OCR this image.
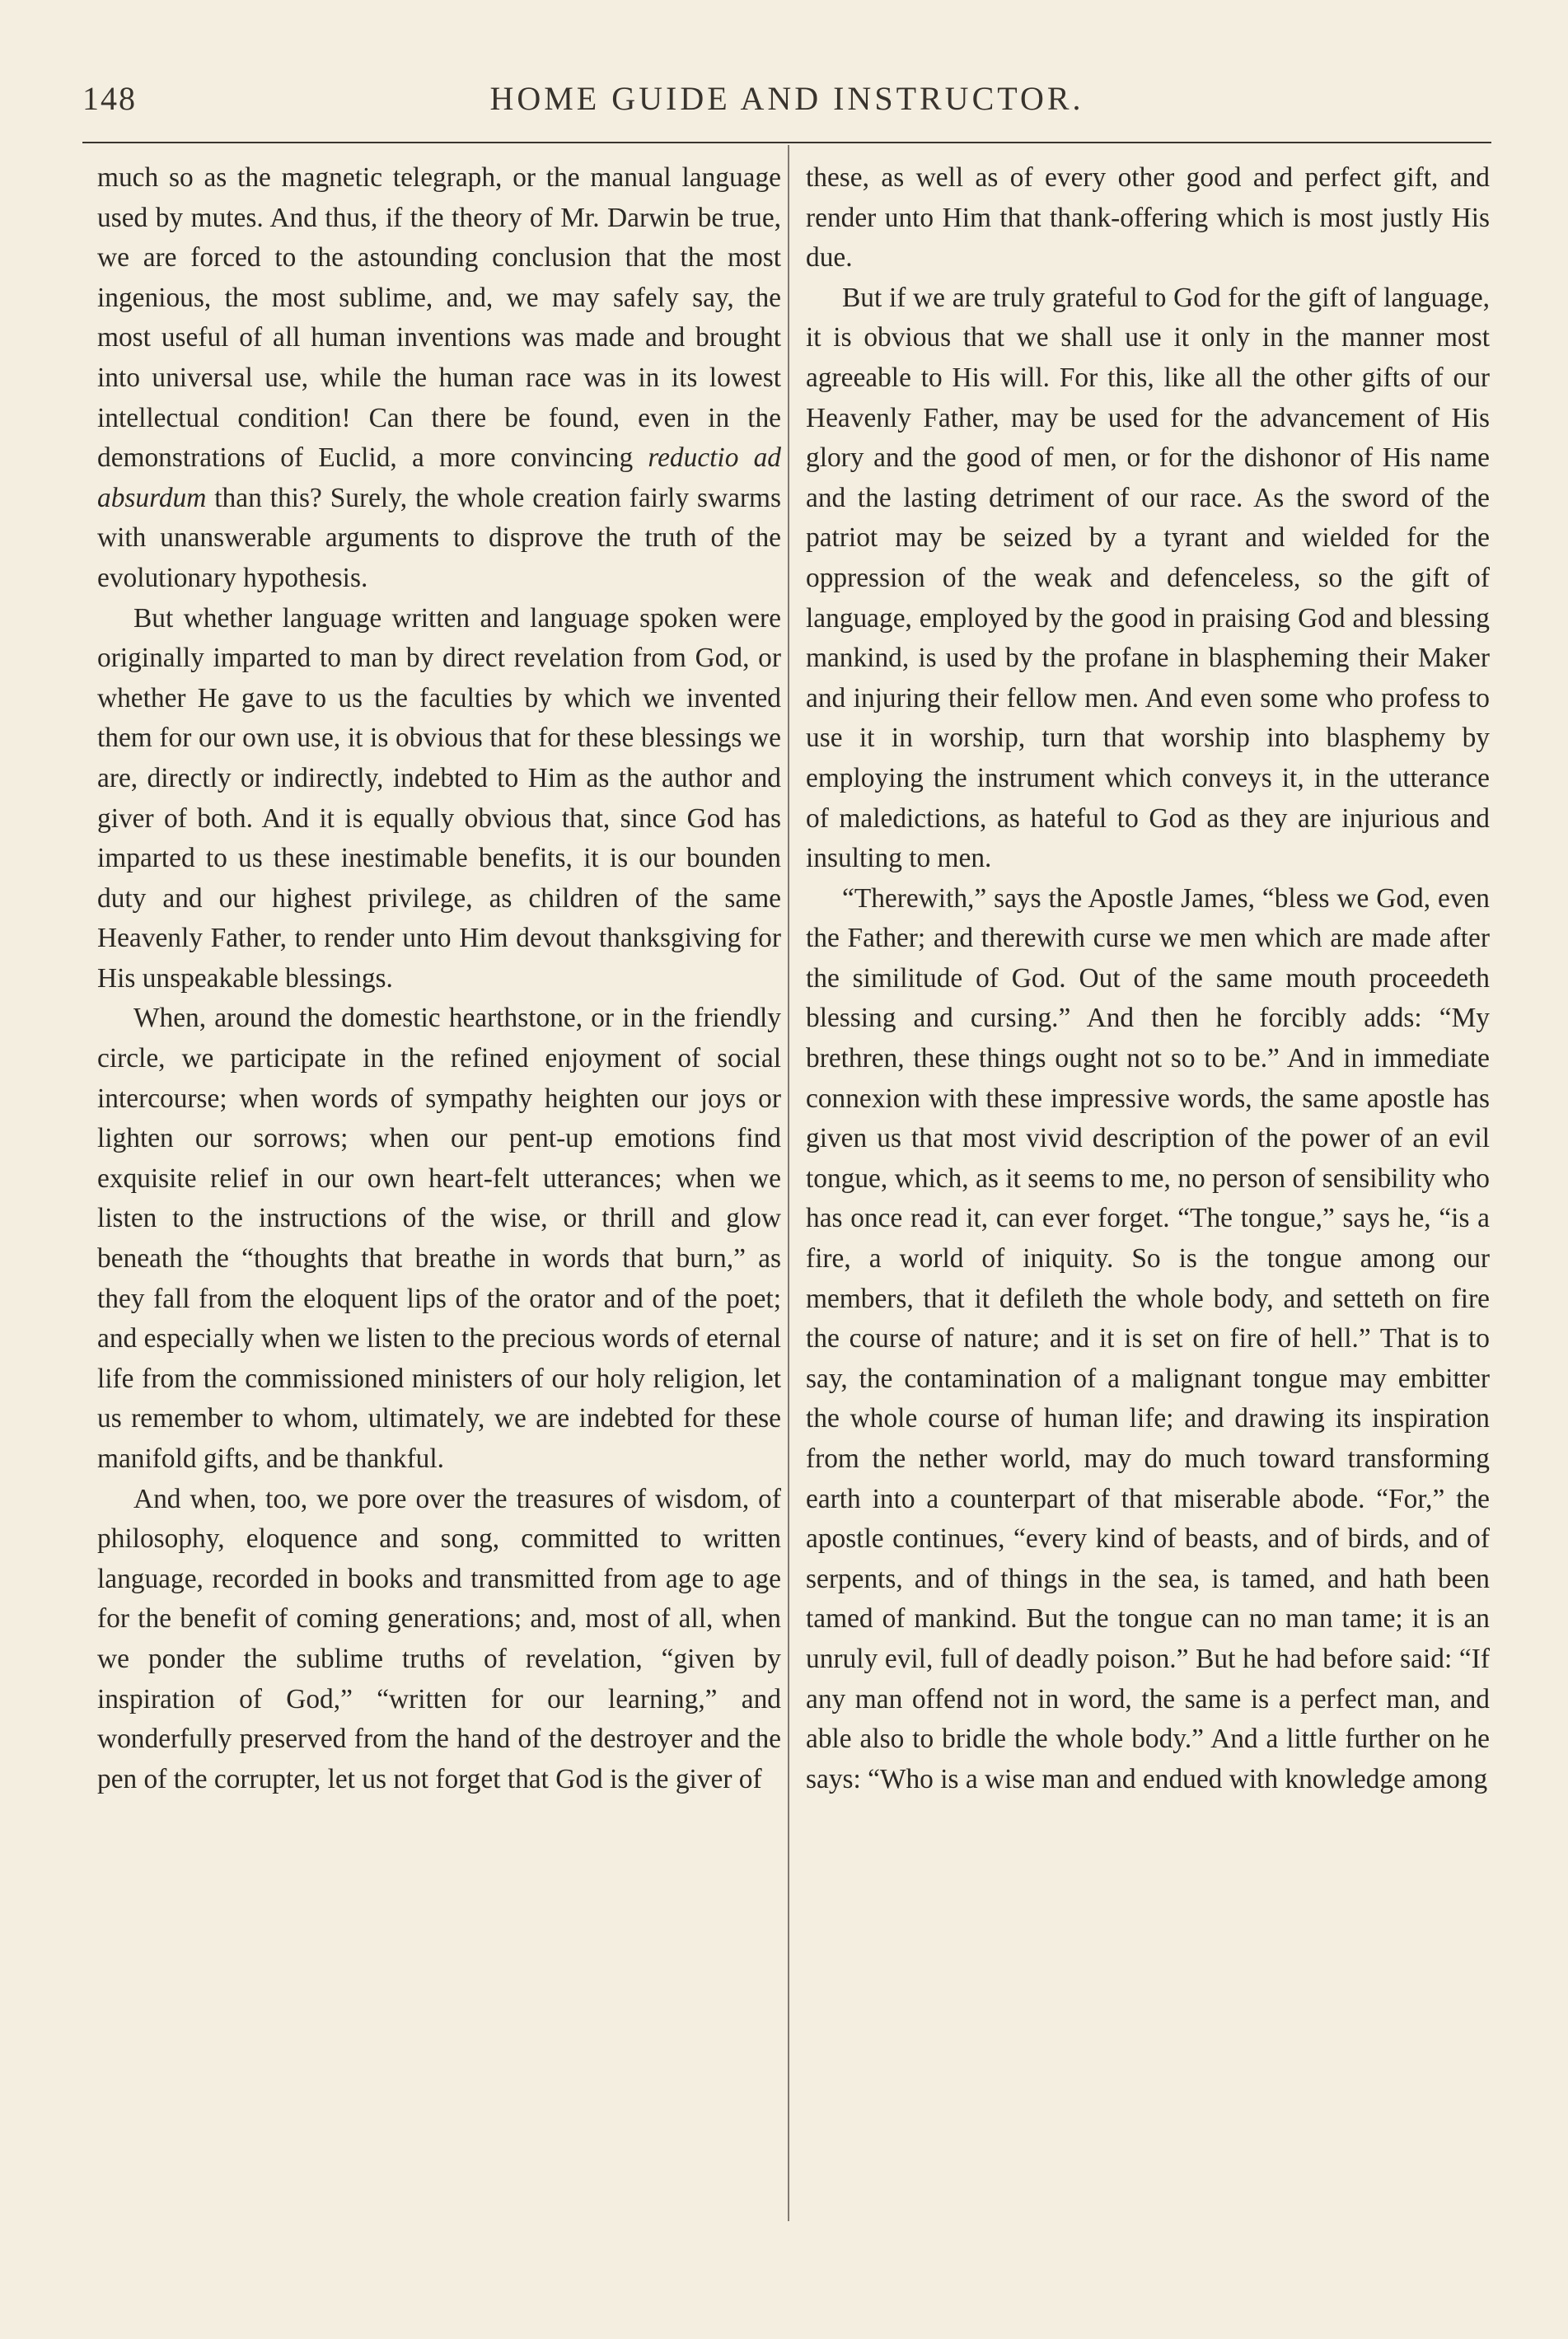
148	HOME GUIDE AND INSTRUCTOR.

much so as the magnetic telegraph, or the manual language used by mutes. And thus, if the theory of Mr. Darwin be true, we are forced to the astounding conclusion that the most ingenious, the most sublime, and, we may safely say, the most useful of all human inventions was made and brought into universal use, while the human race was in its lowest intellectual condition! Can there be found, even in the demonstrations of Euclid, a more convincing reductio ad absurdum than this? Surely, the whole creation fairly swarms with unanswerable arguments to disprove the truth of the evolutionary hypothesis.

But whether language written and language spoken were originally imparted to man by direct revelation from God, or whether He gave to us the faculties by which we invented them for our own use, it is obvious that for these blessings we are, directly or indirectly, indebted to Him as the author and giver of both. And it is equally obvious that, since God has imparted to us these inestimable benefits, it is our bounden duty and our highest privilege, as children of the same Heavenly Father, to render unto Him devout thanksgiving for His unspeakable blessings.

When, around the domestic hearthstone, or in the friendly circle, we participate in the refined enjoyment of social intercourse; when words of sympathy heighten our joys or lighten our sorrows; when our pent-up emotions find exquisite relief in our own heart-felt utterances; when we listen to the instructions of the wise, or thrill and glow beneath the “thoughts that breathe in words that burn,” as they fall from the eloquent lips of the orator and of the poet; and especially when we listen to the precious words of eternal life from the commissioned ministers of our holy religion, let us remember to whom, ultimately, we are indebted for these manifold gifts, and be thankful.

And when, too, we pore over the treasures of wisdom, of philosophy, eloquence and song, committed to written language, recorded in books and transmitted from age to age for the benefit of coming generations; and, most of all, when we ponder the sublime truths of revelation, “given by inspiration of God,” “written for our learning,” and wonderfully preserved from the hand of the destroyer and the pen of the corrupter, let us not forget that God is the giver of

these, as well as of every other good and perfect gift, and render unto Him that thank-offering which is most justly His due.

But if we are truly grateful to God for the gift of language, it is obvious that we shall use it only in the manner most agreeable to His will. For this, like all the other gifts of our Heavenly Father, may be used for the advancement of His glory and the good of men, or for the dishonor of His name and the lasting detriment of our race. As the sword of the patriot may be seized by a tyrant and wielded for the oppression of the weak and defenceless, so the gift of language, employed by the good in praising God and blessing mankind, is used by the profane in blaspheming their Maker and injuring their fellow men. And even some who profess to use it in worship, turn that worship into blasphemy by employing the instrument which conveys it, in the utterance of maledictions, as hateful to God as they are injurious and insulting to men.

“Therewith,” says the Apostle James, “bless we God, even the Father; and therewith curse we men which are made after the similitude of God. Out of the same mouth proceedeth blessing and cursing.” And then he forcibly adds: “My brethren, these things ought not so to be.” And in immediate connexion with these impressive words, the same apostle has given us that most vivid description of the power of an evil tongue, which, as it seems to me, no person of sensibility who has once read it, can ever forget. “The tongue,” says he, “is a fire, a world of iniquity. So is the tongue among our members, that it defileth the whole body, and setteth on fire the course of nature; and it is set on fire of hell.” That is to say, the contamination of a malignant tongue may embitter the whole course of human life; and drawing its inspiration from the nether world, may do much toward transforming earth into a counterpart of that miserable abode. “For,” the apostle continues, “every kind of beasts, and of birds, and of serpents, and of things in the sea, is tamed, and hath been tamed of mankind. But the tongue can no man tame; it is an unruly evil, full of deadly poison.” But he had before said: “If any man offend not in word, the same is a perfect man, and able also to bridle the whole body.” And a little further on he says: “Who is a wise man and endued with knowledge among
